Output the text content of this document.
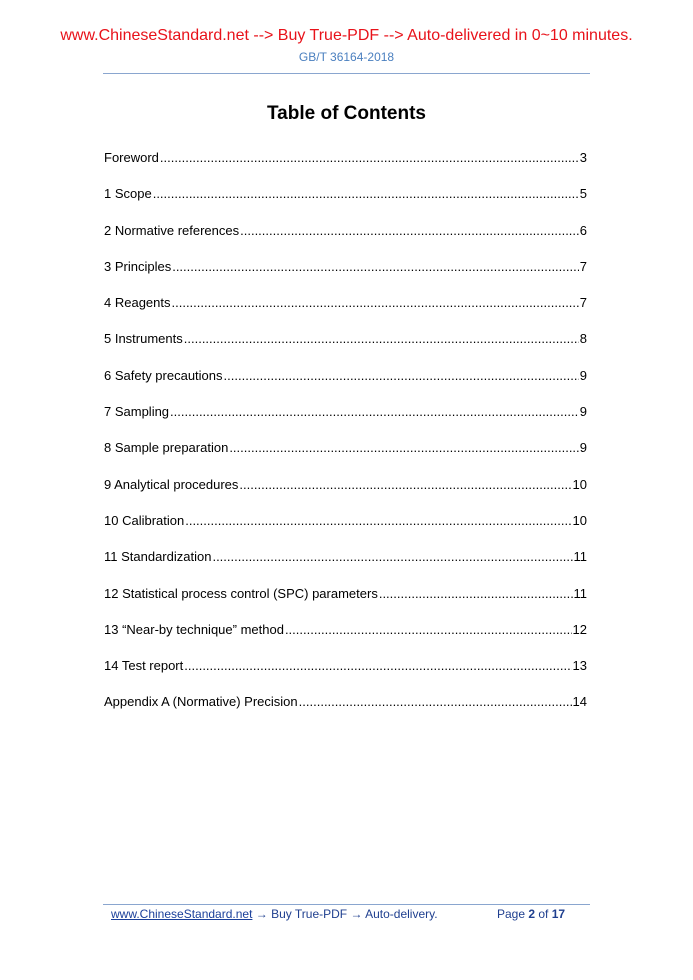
www.ChineseStandard.net --> Buy True-PDF --> Auto-delivered in 0~10 minutes.
GB/T 36164-2018
Table of Contents
Foreword .....	3
1 Scope .....	5
2 Normative references .....	6
3 Principles .....	7
4 Reagents .....	7
5 Instruments .....	8
6 Safety precautions .....	9
7 Sampling .....	9
8 Sample preparation .....	9
9 Analytical procedures .....	10
10 Calibration .....	10
11 Standardization .....	11
12 Statistical process control (SPC) parameters .....	11
13 “Near-by technique” method .....	12
14 Test report .....	13
Appendix A (Normative) Precision .....	14
www.ChineseStandard.net → Buy True-PDF → Auto-delivery.	Page 2 of 17
